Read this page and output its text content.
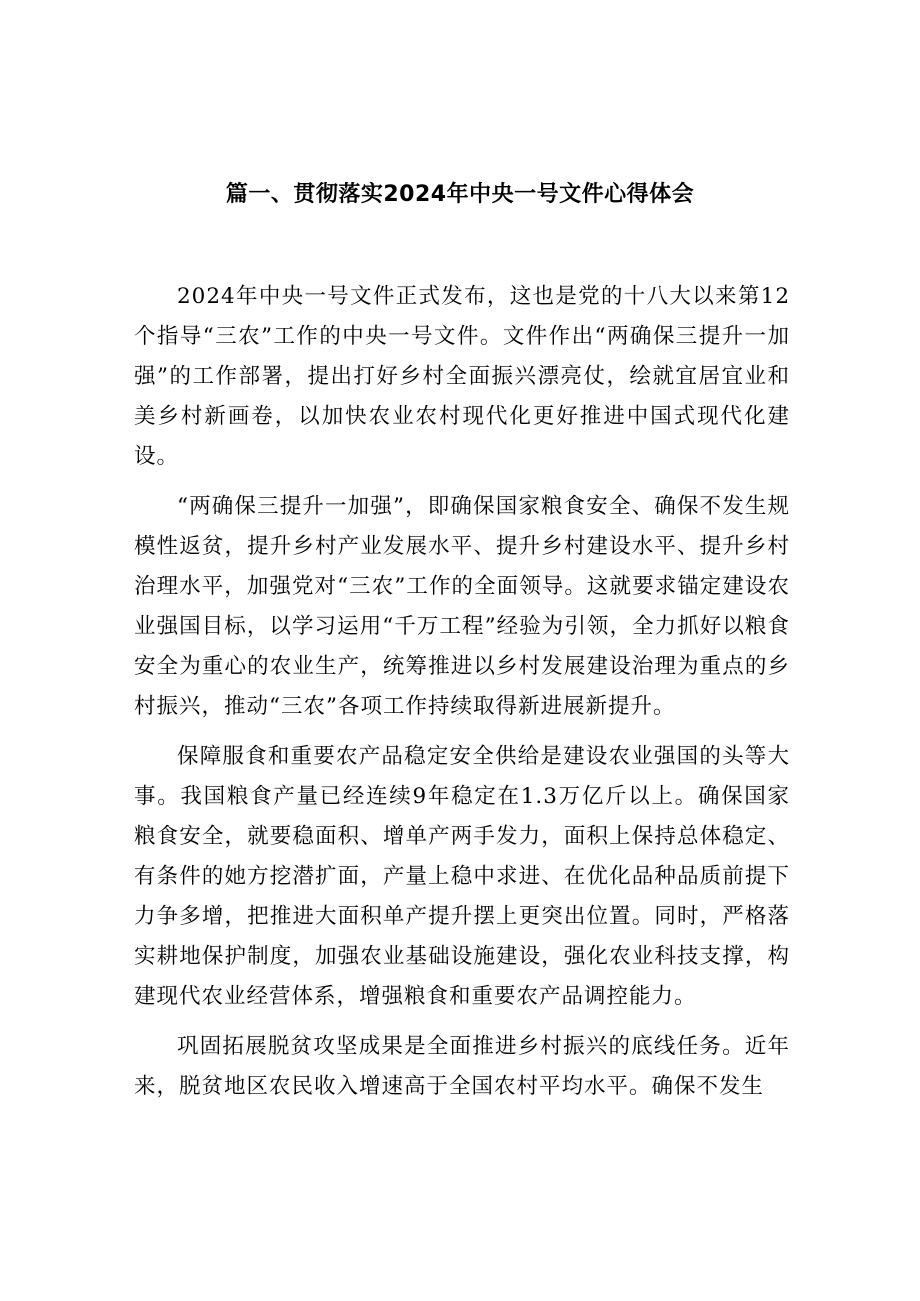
篇一、贯彻落实2024年中央一号文件心得体会

2024年中央一号文件正式发布，这也是党的十八大以来第12个指导“三农”工作的中央一号文件。文件作出“两确保三提升一加强”的工作部署，提出打好乡村全面振兴漂亮仗，绘就宜居宜业和美乡村新画卷，以加快农业农村现代化更好推进中国式现代化建设。

“两确保三提升一加强”，即确保国家粮食安全、确保不发生规模性返贫，提升乡村产业发展水平、提升乡村建设水平、提升乡村治理水平，加强党对“三农”工作的全面领导。这就要求锚定建设农业强国目标，以学习运用“千万工程”经验为引领，全力抓好以粮食安全为重心的农业生产，统筹推进以乡村发展建设治理为重点的乡村振兴，推动“三农”各项工作持续取得新进展新提升。

保障服食和重要农产品稳定安全供给是建设农业强国的头等大事。我国粮食产量已经连续9年稳定在1.3万亿斤以上。确保国家粮食安全，就要稳面积、增单产两手发力，面积上保持总体稳定、有条件的她方挖潜扩面，产量上稳中求进、在优化品种品质前提下力争多增，把推进大面积单产提升摆上更突出位置。同时，严格落实耕地保护制度，加强农业基础设施建设，强化农业科技支撑，构建现代农业经营体系，增强粮食和重要农产品调控能力。

巩固拓展脱贫攻坚成果是全面推进乡村振兴的底线任务。近年来，脱贫地区农民收入增速高于全国农村平均水平。确保不发生
